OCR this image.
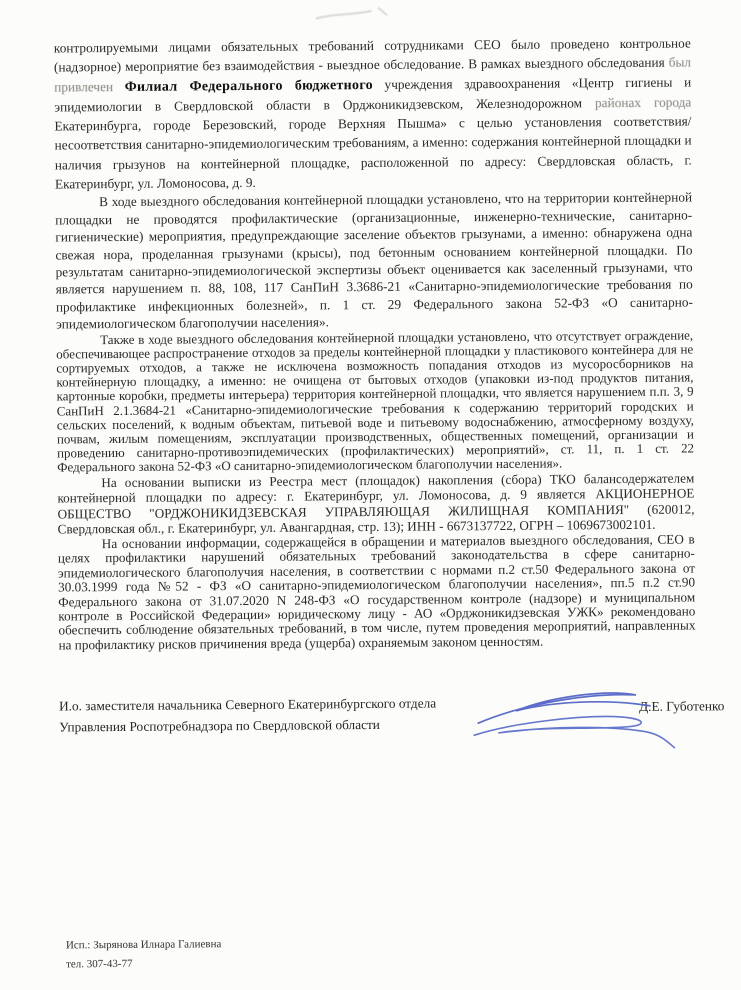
контролируемыми лицами обязательных требований сотрудниками СЕО было проведено контрольное (надзорное) мероприятие без взаимодействия - выездное обследование. В рамках выездного обследования был привлечен Филиал Федерального бюджетного учреждения здравоохранения «Центр гигиены и эпидемиологии в Свердловской области в Орджоникидзевском, Железнодорожном районах города Екатеринбурга, городе Березовский, городе Верхняя Пышма» с целью установления соответствия/несоответствия санитарно-эпидемиологическим требованиям, а именно: содержания контейнерной площадки и наличия грызунов на контейнерной площадке, расположенной по адресу: Свердловская область, г. Екатеринбург, ул. Ломоносова, д. 9.

В ходе выездного обследования контейнерной площадки установлено, что на территории контейнерной площадки не проводятся профилактические (организационные, инженерно-технические, санитарно-гигиенические) мероприятия, предупреждающие заселение объектов грызунами, а именно: обнаружена одна свежая нора, проделанная грызунами (крысы), под бетонным основанием контейнерной площадки. По результатам санитарно-эпидемиологической экспертизы объект оценивается как заселенный грызунами, что является нарушением п. 88, 108, 117 СанПиН 3.3686-21 «Санитарно-эпидемиологические требования по профилактике инфекционных болезней», п. 1 ст. 29 Федерального закона 52-ФЗ «О санитарно-эпидемиологическом благополучии населения».

Также в ходе выездного обследования контейнерной площадки установлено, что отсутствует ограждение, обеспечивающее распространение отходов за пределы контейнерной площадки у пластикового контейнера для не сортируемых отходов, а также не исключена возможность попадания отходов из мусоросборников на контейнерную площадку, а именно: не очищена от бытовых отходов (упаковки из-под продуктов питания, картонные коробки, предметы интерьера) территория контейнерной площадки, что является нарушением п.п. 3, 9 СанПиН 2.1.3684-21 «Санитарно-эпидемиологические требования к содержанию территорий городских и сельских поселений, к водным объектам, питьевой воде и питьевому водоснабжению, атмосферному воздуху, почвам, жилым помещениям, эксплуатации производственных, общественных помещений, организации и проведению санитарно-противоэпидемических (профилактических) мероприятий», ст. 11, п. 1 ст. 22 Федерального закона 52-ФЗ «О санитарно-эпидемиологическом благополучии населения».

На основании выписки из Реестра мест (площадок) накопления (сбора) ТКО балансодержателем контейнерной площадки по адресу: г. Екатеринбург, ул. Ломоносова, д. 9 является АКЦИОНЕРНОЕ ОБЩЕСТВО "ОРДЖОНИКИДЗЕВСКАЯ УПРАВЛЯЮЩАЯ ЖИЛИЩНАЯ КОМПАНИЯ" (620012, Свердловская обл., г. Екатеринбург, ул. Авангардная, стр. 13); ИНН - 6673137722, ОГРН – 1069673002101.

На основании информации, содержащейся в обращении и материалов выездного обследования, СЕО в целях профилактики нарушений обязательных требований законодательства в сфере санитарно-эпидемиологического благополучия населения, в соответствии с нормами п.2 ст.50 Федерального закона от 30.03.1999 года №52 - ФЗ «О санитарно-эпидемиологическом благополучии населения», пп.5 п.2 ст.90 Федерального закона от 31.07.2020 N 248-ФЗ «О государственном контроле (надзоре) и муниципальном контроле в Российской Федерации» юридическому лицу - АО «Орджоникидзевская УЖК» рекомендовано обеспечить соблюдение обязательных требований, в том числе, путем проведения мероприятий, направленных на профилактику рисков причинения вреда (ущерба) охраняемым законом ценностям.

И.о. заместителя начальника Северного Екатеринбургского отдела
Управления Роспотребнадзора по Свердловской области
Д.Е. Губотенко
Исп.: Зырянова Илнара Галиевна
тел. 307-43-77
